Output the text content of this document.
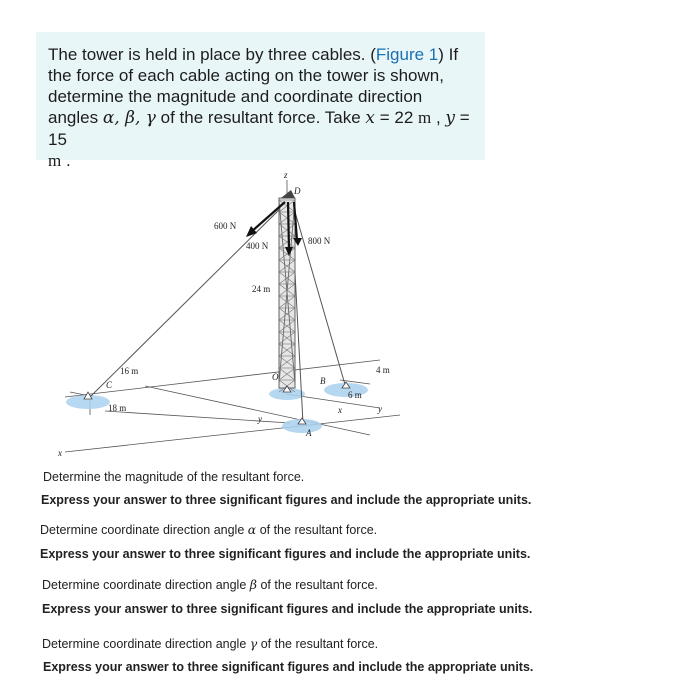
The tower is held in place by three cables. (Figure 1) If the force of each cable acting on the tower is shown, determine the magnitude and coordinate direction angles α, β, γ of the resultant force. Take x = 22 m , y = 15
m .
600 N
400 N	800 N
24 m
16 m
18 m
4 m
6 m
D
O
C	B
A
z
x
y
x	y
Determine the magnitude of the resultant force.
Express your answer to three significant figures and include the appropriate units.
Determine coordinate direction angle α of the resultant force.
Express your answer to three significant figures and include the appropriate units.
Determine coordinate direction angle β of the resultant force.
Express your answer to three significant figures and include the appropriate units.
Determine coordinate direction angle γ of the resultant force.
Express your answer to three significant figures and include the appropriate units.
